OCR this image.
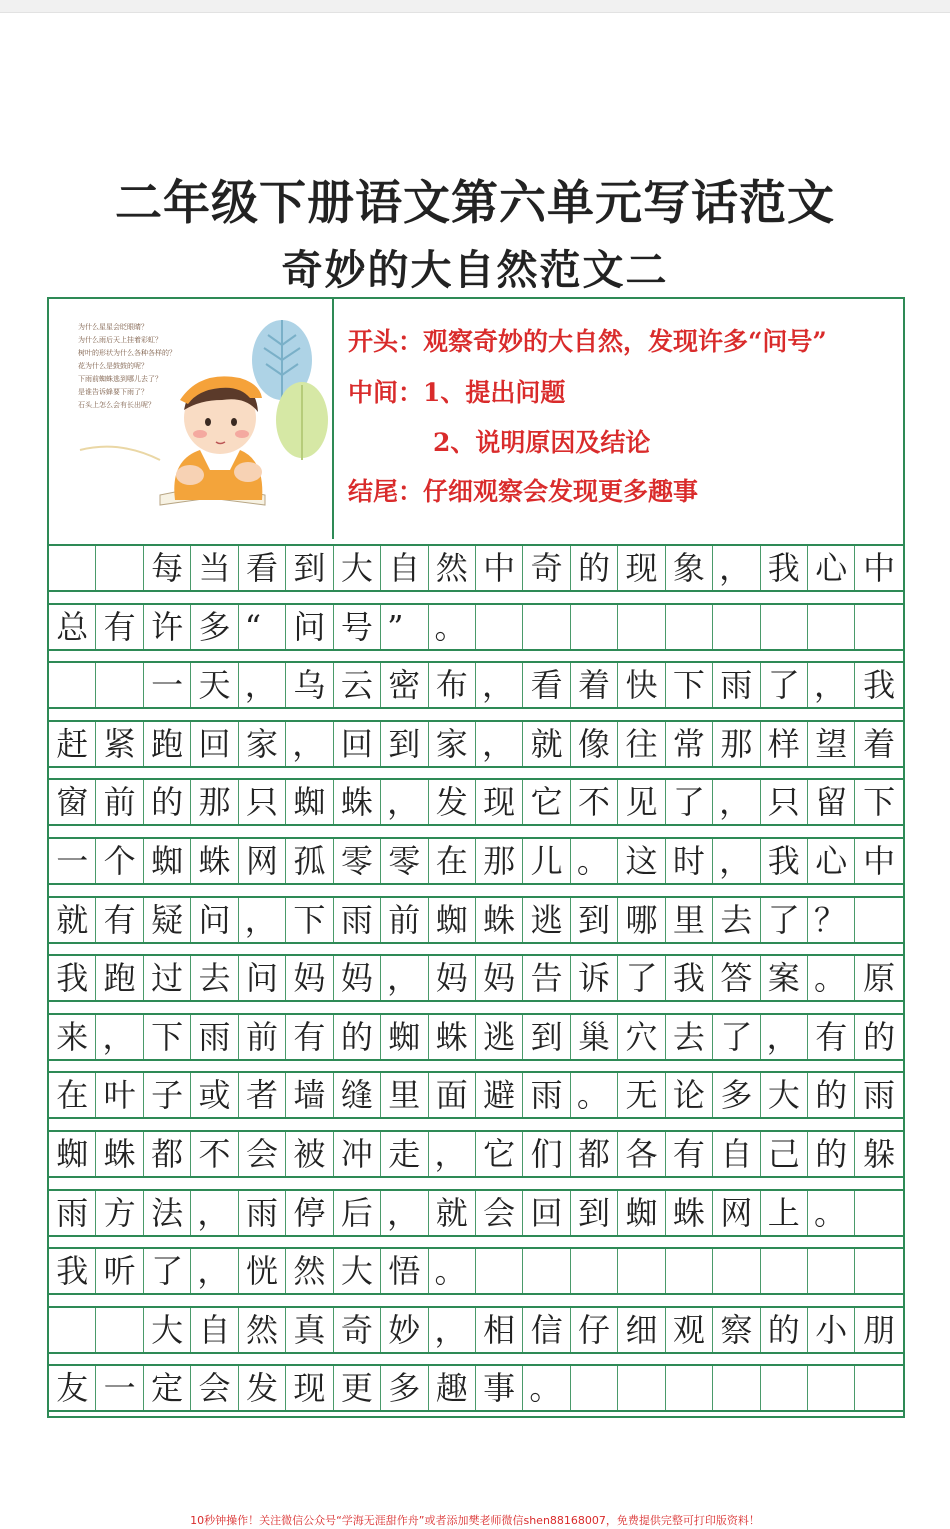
二年级下册语文第六单元写话范文
奇妙的大自然范文二
为什么星星会眨眼睛？
为什么雨后天上挂着彩虹？
树叶的形状为什么各种各样的？
花为什么是鼓鼓的呢？
下雨前蜘蛛逃到哪儿去了？
是谁告诉蜂要下雨了？
石头上怎么会有长出呢？
开头：观察奇妙的大自然，发现许多“问号”
中间：1、提出问题
2、说明原因及结论
结尾：仔细观察会发现更多趣事
每 当 看 到 大 自 然 中 奇 的 现 象 ， 我 心 中
总 有 许 多 “	问 号 ” 。
一 天 ， 乌 云 密 布 ， 看 着 快 下 雨 了 ， 我
赶 紧 跑 回 家 ， 回 到 家 ， 就 像 往 常 那 样 望 着
窗 前 的 那 只 蜘 蛛 ， 发 现 它 不 见 了 ， 只 留 下
一 个 蜘 蛛 网 孤 零 零 在 那 儿 。 这 时 ， 我 心 中
就 有 疑 问 ， 下 雨 前 蜘 蛛 逃 到 哪 里 去 了 ？
我 跑 过 去 问 妈 妈 ， 妈 妈 告 诉 了 我 答 案 。 原
来 ， 下 雨 前 有 的 蜘 蛛 逃 到 巢 穴 去 了 ， 有 的
在 叶 子 或 者 墙 缝 里 面 避 雨 。 无 论 多 大 的 雨
蜘 蛛 都 不 会 被 冲 走 ， 它 们 都 各 有 自 己 的 躲
雨 方 法 ， 雨 停 后 ， 就 会 回 到 蜘 蛛 网 上 。
我 听 了 ， 恍 然 大 悟 。
大 自 然 真 奇 妙 ， 相 信 仔 细 观 察 的 小 朋
友 一 定 会 发 现 更 多 趣 事 。
10秒钟操作！关注微信公众号“学海无涯甜作舟”或者添加樊老师微信shen88168007，免费提供完整可打印版资料！
